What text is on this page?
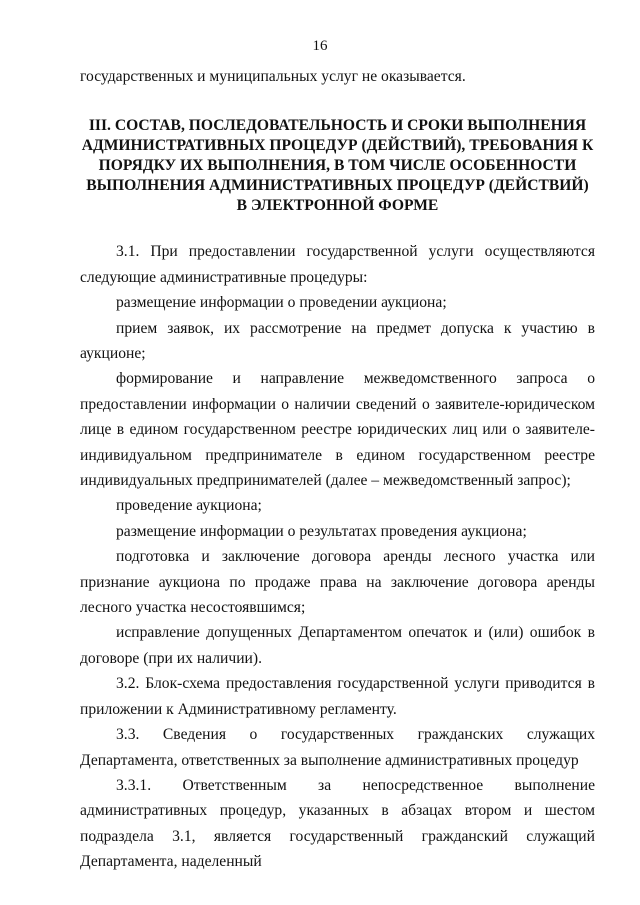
16

государственных и муниципальных услуг не оказывается.

III. СОСТАВ, ПОСЛЕДОВАТЕЛЬНОСТЬ И СРОКИ ВЫПОЛНЕНИЯ АДМИНИСТРАТИВНЫХ ПРОЦЕДУР (ДЕЙСТВИЙ), ТРЕБОВАНИЯ К ПОРЯДКУ ИХ ВЫПОЛНЕНИЯ, В ТОМ ЧИСЛЕ ОСОБЕННОСТИ ВЫПОЛНЕНИЯ АДМИНИСТРАТИВНЫХ ПРОЦЕДУР (ДЕЙСТВИЙ) В ЭЛЕКТРОННОЙ ФОРМЕ

3.1. При предоставлении государственной услуги осуществляются следующие административные процедуры:

размещение информации о проведении аукциона;

прием заявок, их рассмотрение на предмет допуска к участию в аукционе;

формирование и направление межведомственного запроса о предоставлении информации о наличии сведений о заявителе-юридическом лице в едином государственном реестре юридических лиц или о заявителе-индивидуальном предпринимателе в едином государственном реестре индивидуальных предпринимателей (далее – межведомственный запрос);

проведение аукциона;

размещение информации о результатах проведения аукциона;

подготовка и заключение договора аренды лесного участка или признание аукциона по продаже права на заключение договора аренды лесного участка несостоявшимся;

исправление допущенных Департаментом опечаток и (или) ошибок в договоре (при их наличии).

3.2. Блок-схема предоставления государственной услуги приводится в приложении к Административному регламенту.

3.3. Сведения о государственных гражданских служащих Департамента, ответственных за выполнение административных процедур

3.3.1. Ответственным за непосредственное выполнение административных процедур, указанных в абзацах втором и шестом подраздела 3.1, является государственный гражданский служащий Департамента, наделенный
